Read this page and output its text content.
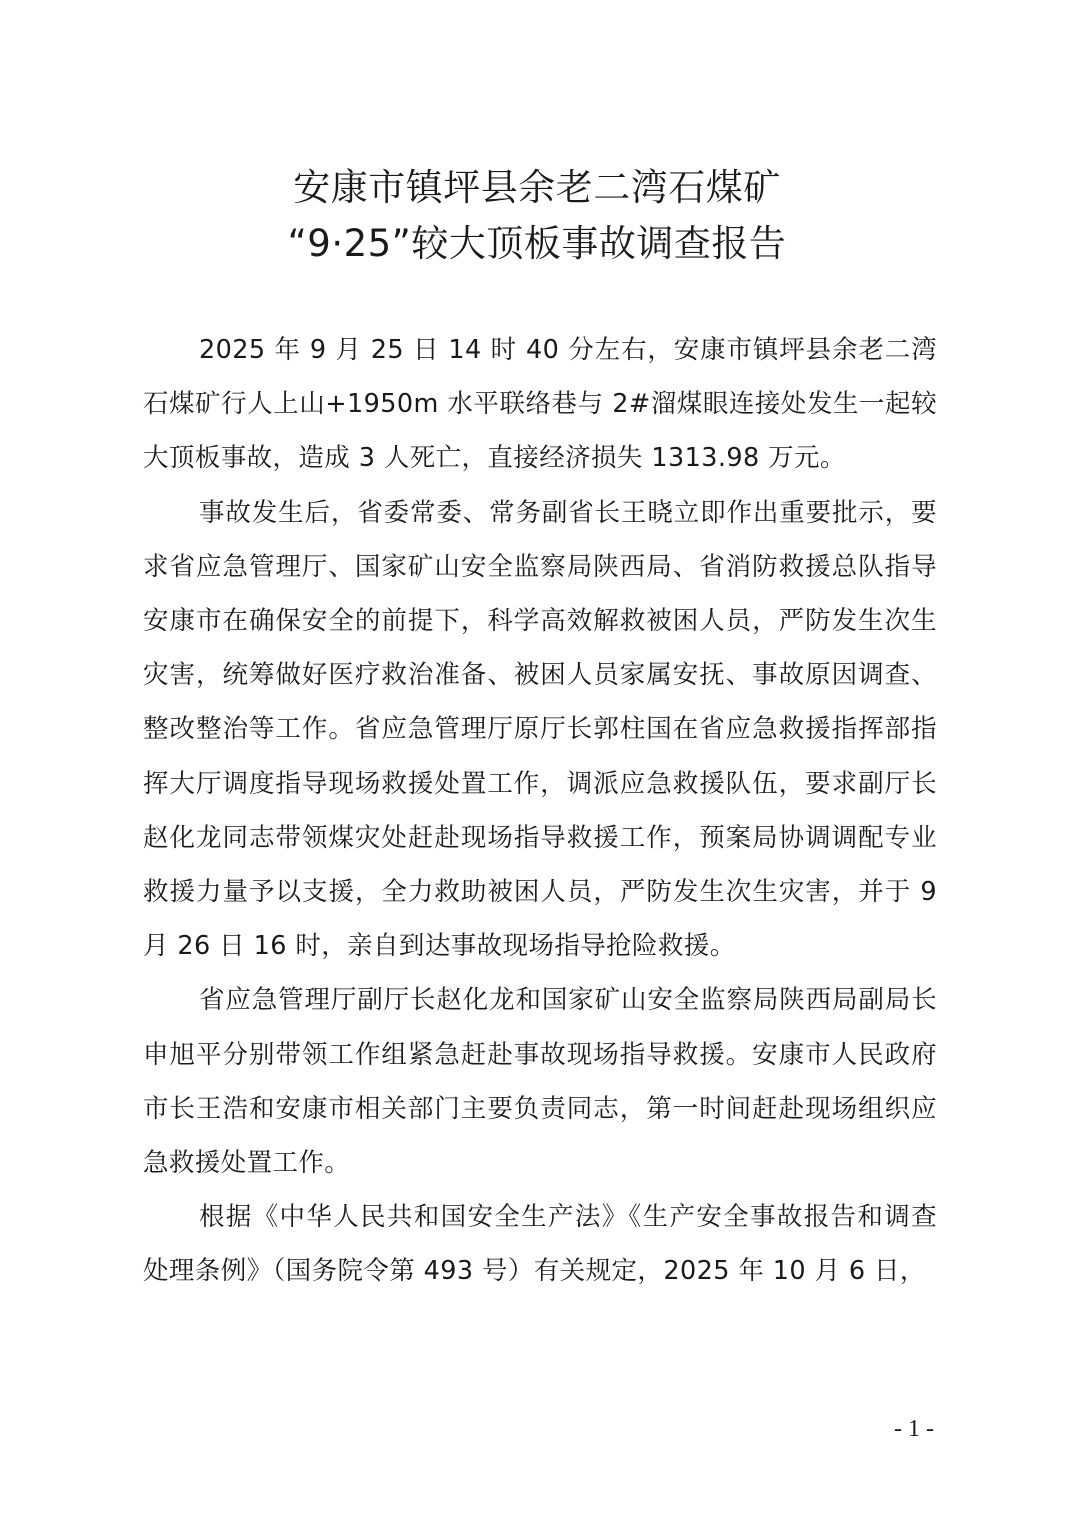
安康市镇坪县余老二湾石煤矿
“9·25”较大顶板事故调查报告

2025 年 9 月 25 日 14 时 40 分左右，安康市镇坪县余老二湾石煤矿行人上山+1950m 水平联络巷与 2#溜煤眼连接处发生一起较大顶板事故，造成 3 人死亡，直接经济损失 1313.98 万元。

事故发生后，省委常委、常务副省长王晓立即作出重要批示，要求省应急管理厅、国家矿山安全监察局陕西局、省消防救援总队指导安康市在确保安全的前提下，科学高效解救被困人员，严防发生次生灾害，统筹做好医疗救治准备、被困人员家属安抚、事故原因调查、整改整治等工作。省应急管理厅原厅长郭柱国在省应急救援指挥部指挥大厅调度指导现场救援处置工作，调派应急救援队伍，要求副厅长赵化龙同志带领煤灾处赶赴现场指导救援工作，预案局协调调配专业救援力量予以支援，全力救助被困人员，严防发生次生灾害，并于 9 月 26 日 16 时，亲自到达事故现场指导抢险救援。

省应急管理厅副厅长赵化龙和国家矿山安全监察局陕西局副局长申旭平分别带领工作组紧急赶赴事故现场指导救援。安康市人民政府市长王浩和安康市相关部门主要负责同志，第一时间赶赴现场组织应急救援处置工作。

根据《中华人民共和国安全生产法》《生产安全事故报告和调查处理条例》（国务院令第 493 号）有关规定，2025 年 10 月 6 日，

- 1 -
